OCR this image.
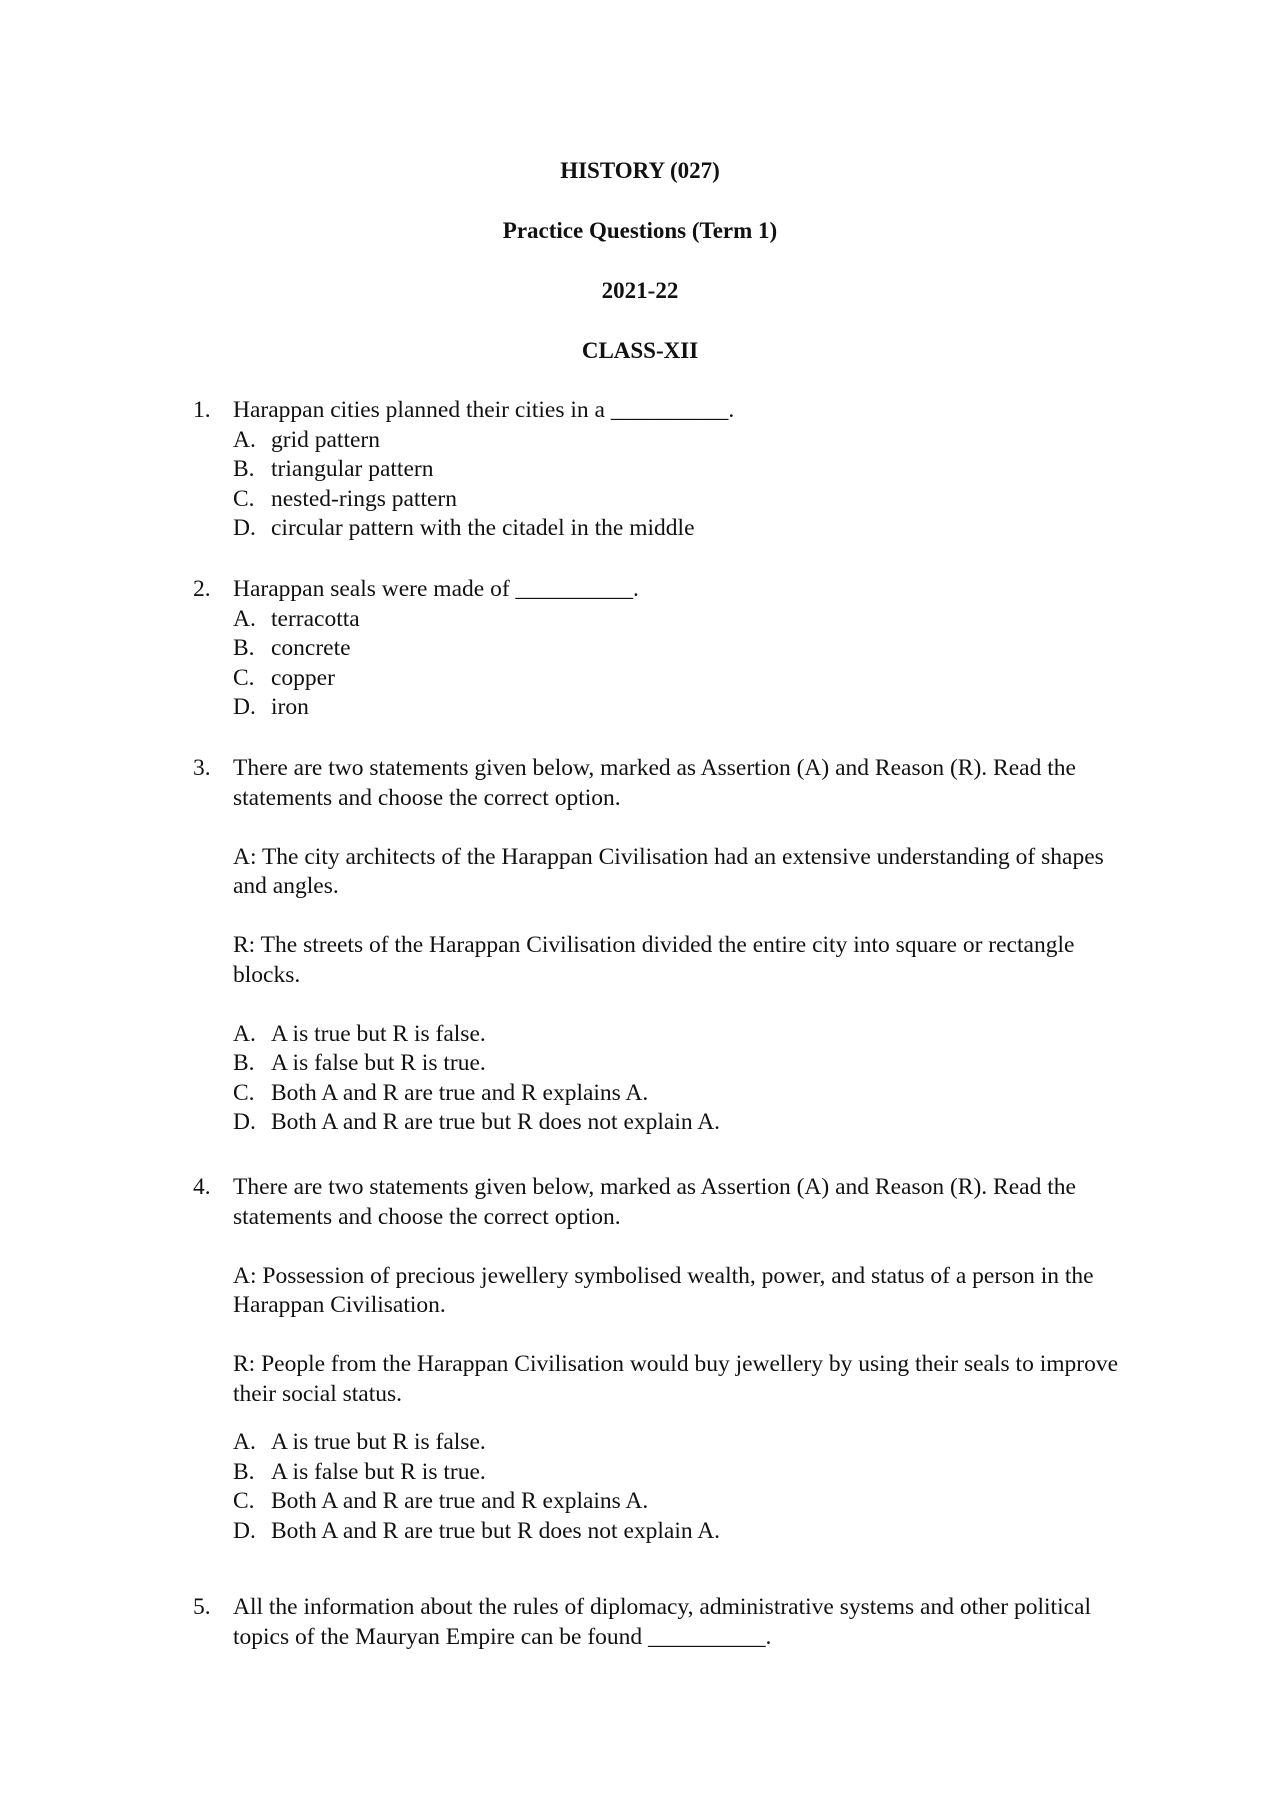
HISTORY (027)
Practice Questions (Term 1)
2021-22
CLASS-XII
1. Harappan cities planned their cities in a __________.
A. grid pattern
B. triangular pattern
C. nested-rings pattern
D. circular pattern with the citadel in the middle
2. Harappan seals were made of __________.
A. terracotta
B. concrete
C. copper
D. iron
3. There are two statements given below, marked as Assertion (A) and Reason (R). Read the statements and choose the correct option.
A: The city architects of the Harappan Civilisation had an extensive understanding of shapes and angles.
R: The streets of the Harappan Civilisation divided the entire city into square or rectangle blocks.
A. A is true but R is false.
B. A is false but R is true.
C. Both A and R are true and R explains A.
D. Both A and R are true but R does not explain A.
4. There are two statements given below, marked as Assertion (A) and Reason (R). Read the statements and choose the correct option.
A: Possession of precious jewellery symbolised wealth, power, and status of a person in the Harappan Civilisation.
R: People from the Harappan Civilisation would buy jewellery by using their seals to improve their social status.
A. A is true but R is false.
B. A is false but R is true.
C. Both A and R are true and R explains A.
D. Both A and R are true but R does not explain A.
5. All the information about the rules of diplomacy, administrative systems and other political topics of the Mauryan Empire can be found __________.
